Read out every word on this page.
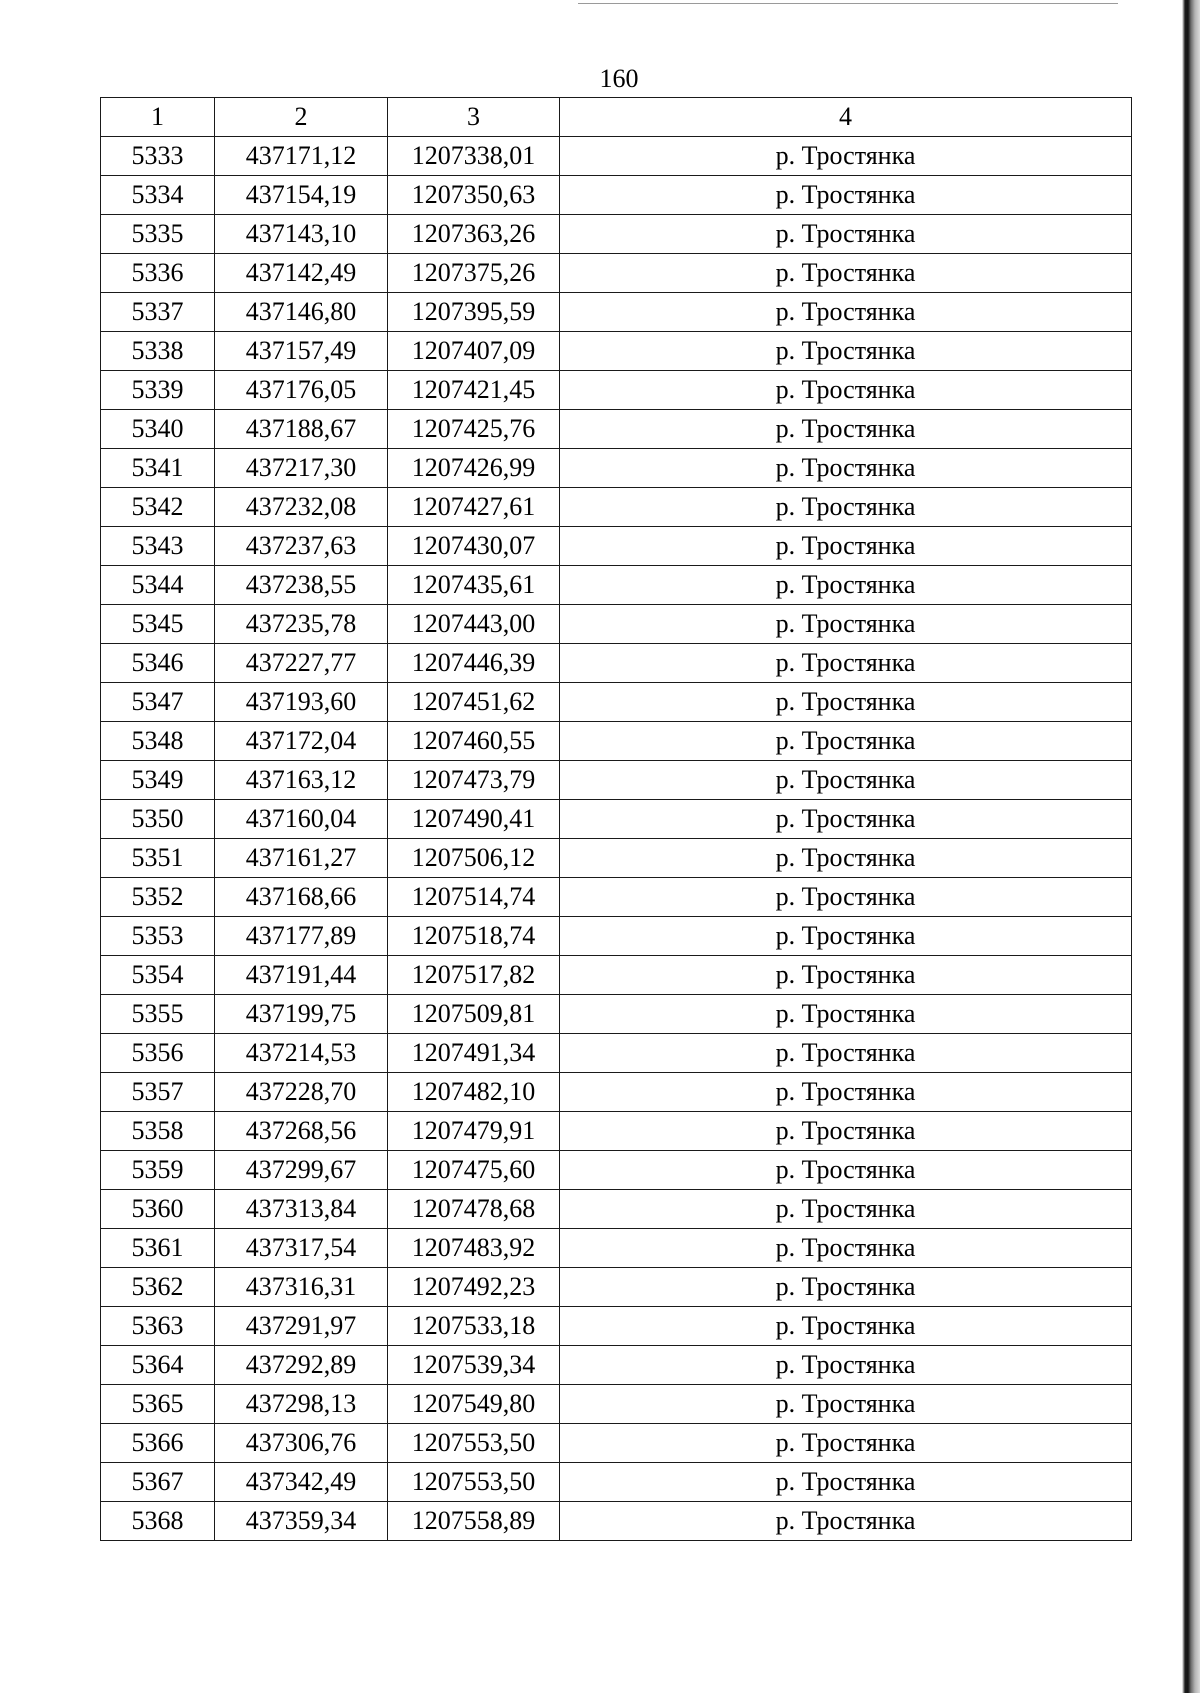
160
1	2	3	4
5333	437171,12	1207338,01	р. Тростянка
5334	437154,19	1207350,63	р. Тростянка
5335	437143,10	1207363,26	р. Тростянка
5336	437142,49	1207375,26	р. Тростянка
5337	437146,80	1207395,59	р. Тростянка
5338	437157,49	1207407,09	р. Тростянка
5339	437176,05	1207421,45	р. Тростянка
5340	437188,67	1207425,76	р. Тростянка
5341	437217,30	1207426,99	р. Тростянка
5342	437232,08	1207427,61	р. Тростянка
5343	437237,63	1207430,07	р. Тростянка
5344	437238,55	1207435,61	р. Тростянка
5345	437235,78	1207443,00	р. Тростянка
5346	437227,77	1207446,39	р. Тростянка
5347	437193,60	1207451,62	р. Тростянка
5348	437172,04	1207460,55	р. Тростянка
5349	437163,12	1207473,79	р. Тростянка
5350	437160,04	1207490,41	р. Тростянка
5351	437161,27	1207506,12	р. Тростянка
5352	437168,66	1207514,74	р. Тростянка
5353	437177,89	1207518,74	р. Тростянка
5354	437191,44	1207517,82	р. Тростянка
5355	437199,75	1207509,81	р. Тростянка
5356	437214,53	1207491,34	р. Тростянка
5357	437228,70	1207482,10	р. Тростянка
5358	437268,56	1207479,91	р. Тростянка
5359	437299,67	1207475,60	р. Тростянка
5360	437313,84	1207478,68	р. Тростянка
5361	437317,54	1207483,92	р. Тростянка
5362	437316,31	1207492,23	р. Тростянка
5363	437291,97	1207533,18	р. Тростянка
5364	437292,89	1207539,34	р. Тростянка
5365	437298,13	1207549,80	р. Тростянка
5366	437306,76	1207553,50	р. Тростянка
5367	437342,49	1207553,50	р. Тростянка
5368	437359,34	1207558,89	р. Тростянка
